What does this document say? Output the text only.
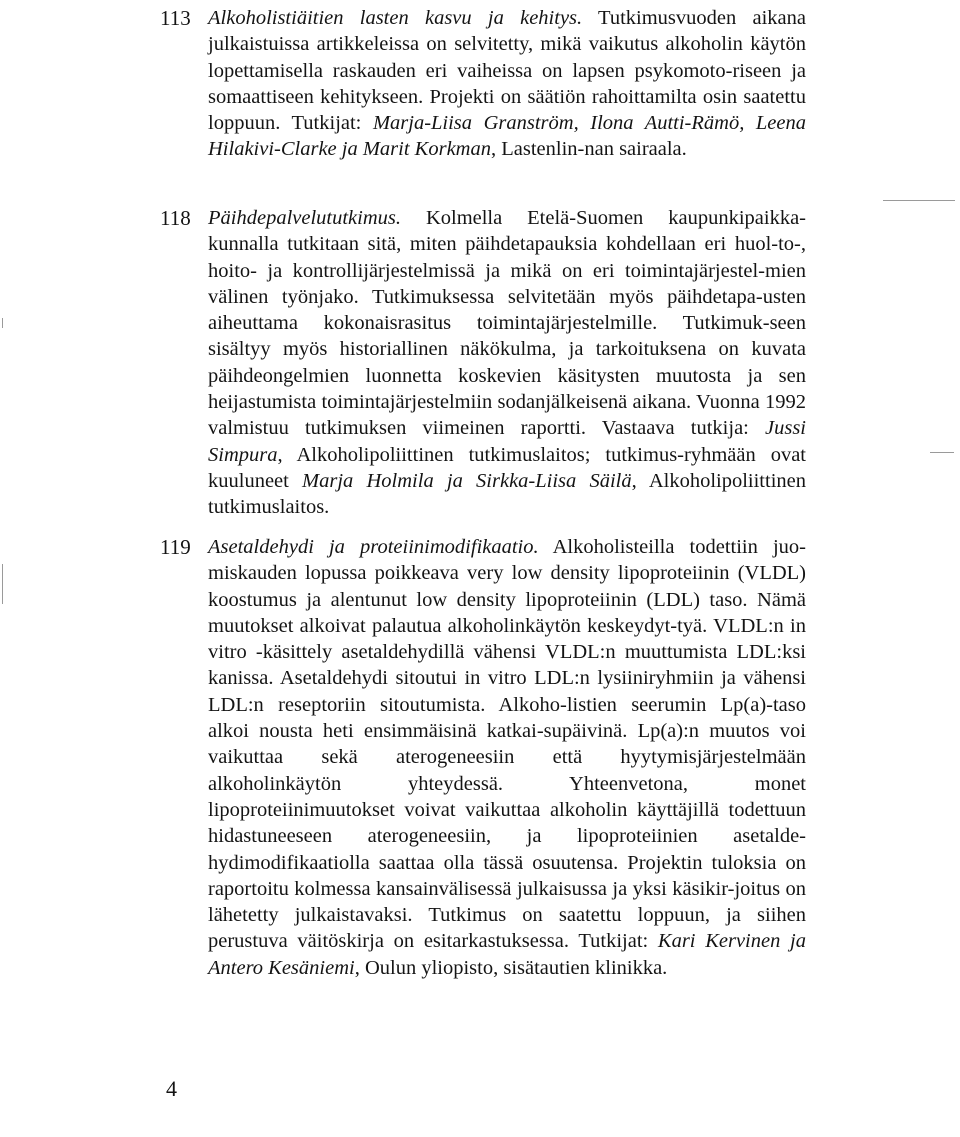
113 Alkoholistiäitien lasten kasvu ja kehitys. Tutkimusvuoden aikana julkaistuissa artikkeleissa on selvitetty, mikä vaikutus alkoholin käytön lopettamisella raskauden eri vaiheissa on lapsen psykomoto-riseen ja somaattiseen kehitykseen. Projekti on säätiön rahoittamilta osin saatettu loppuun. Tutkijat: Marja-Liisa Granström, Ilona Autti-Rämö, Leena Hilakivi-Clarke ja Marit Korkman, Lastenlin-nan sairaala.
118 Päihdepalvelututkimus. Kolmella Etelä-Suomen kaupunkipaikka-kunnalla tutkitaan sitä, miten päihdetapauksia kohdellaan eri huol-to-, hoito- ja kontrollijärjestelmissä ja mikä on eri toimintajärjestel-mien välinen työnjako. Tutkimuksessa selvitetään myös päihdetapa-usten aiheuttama kokonaisrasitus toimintajärjestelmille. Tutkimuk-seen sisältyy myös historiallinen näkökulma, ja tarkoituksena on kuvata päihdeongelmien luonnetta koskevien käsitysten muutosta ja sen heijastumista toimintajärjestelmiin sodanjälkeisenä aikana. Vuonna 1992 valmistuu tutkimuksen viimeinen raportti. Vastaava tutkija: Jussi Simpura, Alkoholipoliittinen tutkimuslaitos; tutkimus-ryhmään ovat kuuluneet Marja Holmila ja Sirkka-Liisa Säilä, Alkoholipoliittinen tutkimuslaitos.
119 Asetaldehydi ja proteiinimodifikaatio. Alkoholisteilla todettiin juo-miskauden lopussa poikkeava very low density lipoproteiinin (VLDL) koostumus ja alentunut low density lipoproteiinin (LDL) taso. Nämä muutokset alkoivat palautua alkoholinkäytön keskeydyt-tyä. VLDL:n in vitro -käsittely asetaldehydillä vähensi VLDL:n muuttumista LDL:ksi kanissa. Asetaldehydi sitoutui in vitro LDL:n lysiiniryhmiin ja vähensi LDL:n reseptoriin sitoutumista. Alkoho-listien seerumin Lp(a)-taso alkoi nousta heti ensimmäisinä katkai-supäivinä. Lp(a):n muutos voi vaikuttaa sekä aterogeneesiin että hyytymisjärjestelmään alkoholinkäytön yhteydessä. Yhteenvetona, monet lipoproteiinimuutokset voivat vaikuttaa alkoholin käyttäjillä todettuun hidastuneeseen aterogeneesiin, ja lipoproteiinien asetalde-hydimodifikaatiolla saattaa olla tässä osuutensa. Projektin tuloksia on raportoitu kolmessa kansainvälisessä julkaisussa ja yksi käsikir-joitus on lähetetty julkaistavaksi. Tutkimus on saatettu loppuun, ja siihen perustuva väitöskirja on esitarkastuksessa. Tutkijat: Kari Kervinen ja Antero Kesäniemi, Oulun yliopisto, sisätautien klinikka.
4
